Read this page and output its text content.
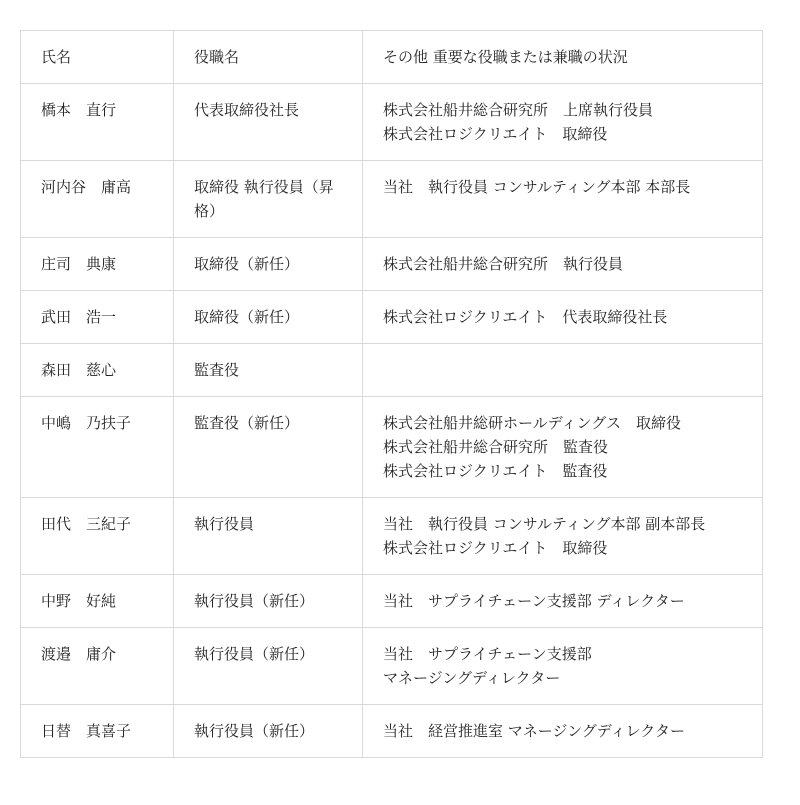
氏名	役職名	その他 重要な役職または兼職の状況
橋本　直行	代表取締役社長	株式会社船井総合研究所　上席執行役員
株式会社ロジクリエイト　取締役
河内谷　庸高	取締役 執行役員（昇格）	当社　執行役員 コンサルティング本部 本部長
庄司　典康	取締役（新任）	株式会社船井総合研究所　執行役員
武田　浩一	取締役（新任）	株式会社ロジクリエイト　代表取締役社長
森田　慈心	監査役	
中嶋　乃扶子	監査役（新任）	株式会社船井総研ホールディングス　取締役
株式会社船井総合研究所　監査役
株式会社ロジクリエイト　監査役
田代　三紀子	執行役員	当社　執行役員 コンサルティング本部 副本部長
株式会社ロジクリエイト　取締役
中野　好純	執行役員（新任）	当社　サプライチェーン支援部 ディレクター
渡邉　庸介	執行役員（新任）	当社　サプライチェーン支援部
マネージングディレクター
日替　真喜子	執行役員（新任）	当社　経営推進室 マネージングディレクター
